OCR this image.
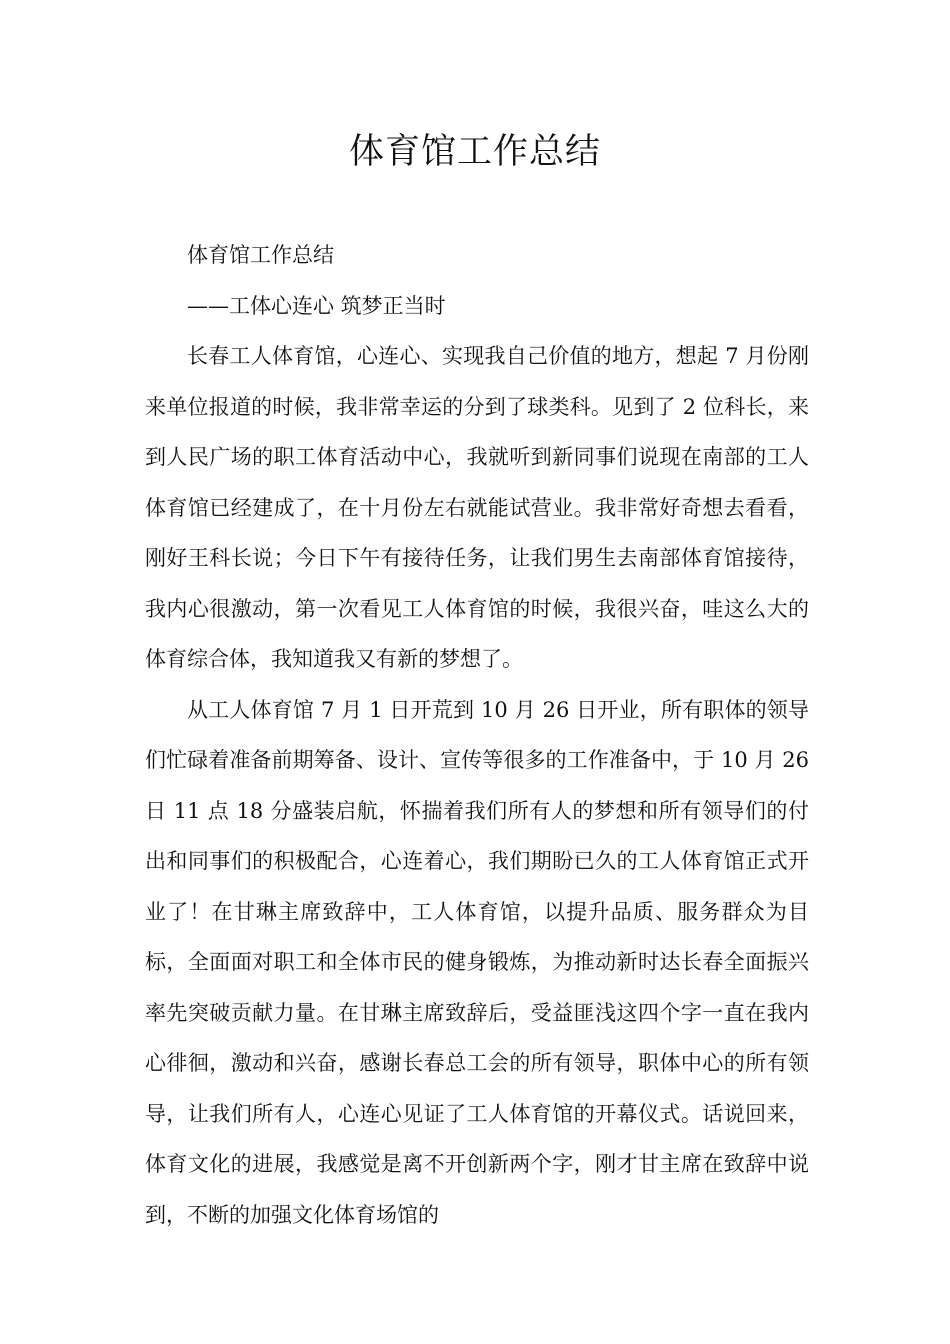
体育馆工作总结

体育馆工作总结

——工体心连心 筑梦正当时

长春工人体育馆，心连心、实现我自己价值的地方，想起 7 月份刚来单位报道的时候，我非常幸运的分到了球类科。见到了 2 位科长，来到人民广场的职工体育活动中心，我就听到新同事们说现在南部的工人体育馆已经建成了，在十月份左右就能试营业。我非常好奇想去看看，刚好王科长说；今日下午有接待任务，让我们男生去南部体育馆接待，我内心很激动，第一次看见工人体育馆的时候，我很兴奋，哇这么大的体育综合体，我知道我又有新的梦想了。

从工人体育馆 7 月 1 日开荒到 10 月 26 日开业，所有职体的领导们忙碌着准备前期筹备、设计、宣传等很多的工作准备中，于 10 月 26 日 11 点 18 分盛装启航，怀揣着我们所有人的梦想和所有领导们的付出和同事们的积极配合，心连着心，我们期盼已久的工人体育馆正式开业了！在甘琳主席致辞中，工人体育馆，以提升品质、服务群众为目标，全面面对职工和全体市民的健身锻炼，为推动新时达长春全面振兴率先突破贡献力量。在甘琳主席致辞后，受益匪浅这四个字一直在我内心徘徊，激动和兴奋，感谢长春总工会的所有领导，职体中心的所有领导，让我们所有人，心连心见证了工人体育馆的开幕仪式。话说回来，体育文化的进展，我感觉是离不开创新两个字，刚才甘主席在致辞中说到，不断的加强文化体育场馆的
